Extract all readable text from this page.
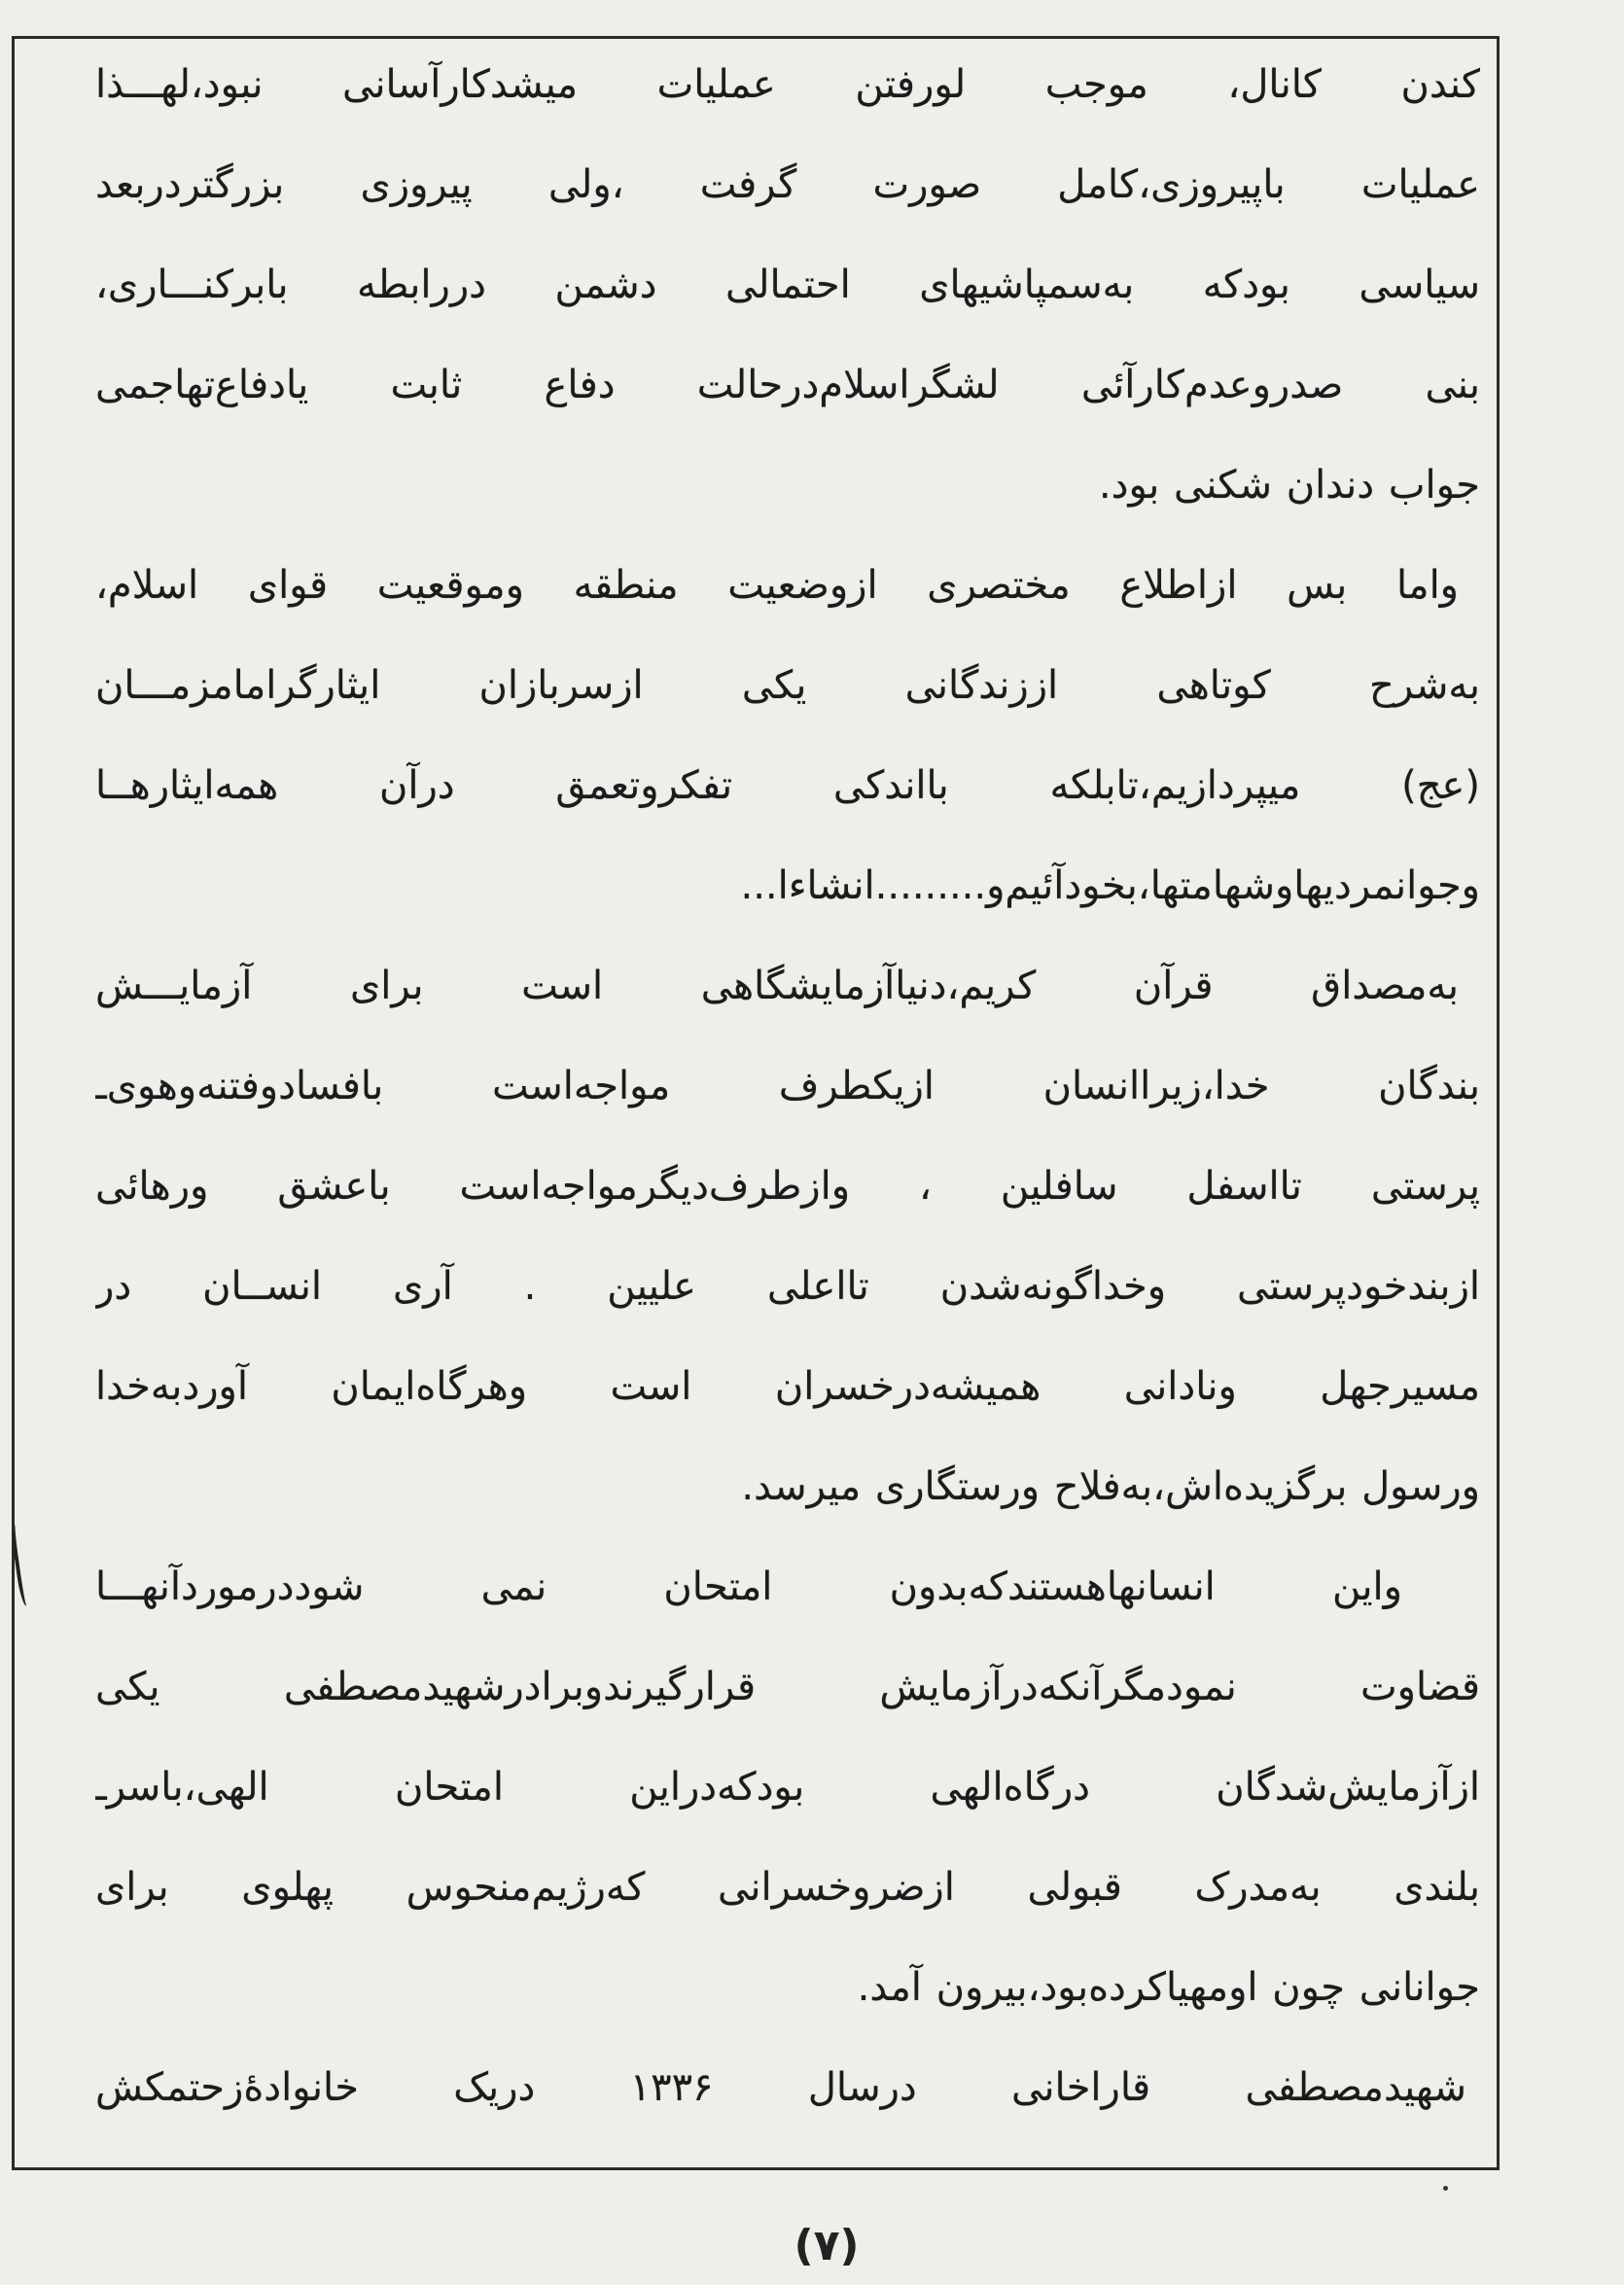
کندن کانال، موجب لورفتن عملیات میشدکارآسانی نبود،لهـــذا
عملیات باپیروزی،کامل صورت گرفت ،ولی پیروزی بزرگتردربعد
سیاسی بودکه به‌سمپاشیهای احتمالی دشمن دررابطه بابرکنـــاری،
بنی صدروعدم‌کارآئی لشگراسلام‌درحالت دفاع ثابت یادفاع‌تهاجمی
جواب دندان شکنی بود.
واما بس ازاطلاع مختصری ازوضعیت منطقه وموقعیت قوای اسلام،
به‌شرح کوتاهی اززندگانی یکی ازسربازان ایثارگراما‌مزمـــان
(عج) میپردازیم،تابلکه بااندکی تفکروتعمق درآن همه‌ایثارهــا
وجوانمردیهاوشهامتها،بخودآئیم‌و.........انشاءا...
به‌مصداق قرآن کریم،دنیاآزمایشگاهی است برای آزمایـــش
بندگان خدا،زیراانسان ازیکطرف مواجه‌است بافسادوفتنه‌وهوی‌ـ
پرستی تااسفل سافلین ، وازطرف‌دیگرمواجه‌است باعشق ورهائی
ازبندخودپرستی وخداگونه‌شدن تااعلی علیین . آری انســان در
مسیرجهل ونادانی همیشه‌درخسران است وهرگاه‌ایمان آوردبه‌خدا
ورسول برگزیده‌اش،به‌فلاح ورستگاری میرسد.
واین انسانهاهستندکه‌بدون امتحان نمی شوددرموردآنهـــا
قضاوت نمودمگرآنکه‌درآزمایش قرارگیرندوبرادرشهیدمصطفی یکی
ازآزمایش‌شدگان درگاه‌الهی بودکه‌دراین امتحان الهی،باسرـ
بلندی به‌مدرک قبولی ازضروخسرانی که‌رژیم‌منحوس پهلوی برای
جوانانی چون اومهیاکرده‌بود،بیرون آمد.
شهیدمصطفی قاراخانی درسال ۱۳۳۶ دریک خانواده‌ٔزحتمکش
(۷)
